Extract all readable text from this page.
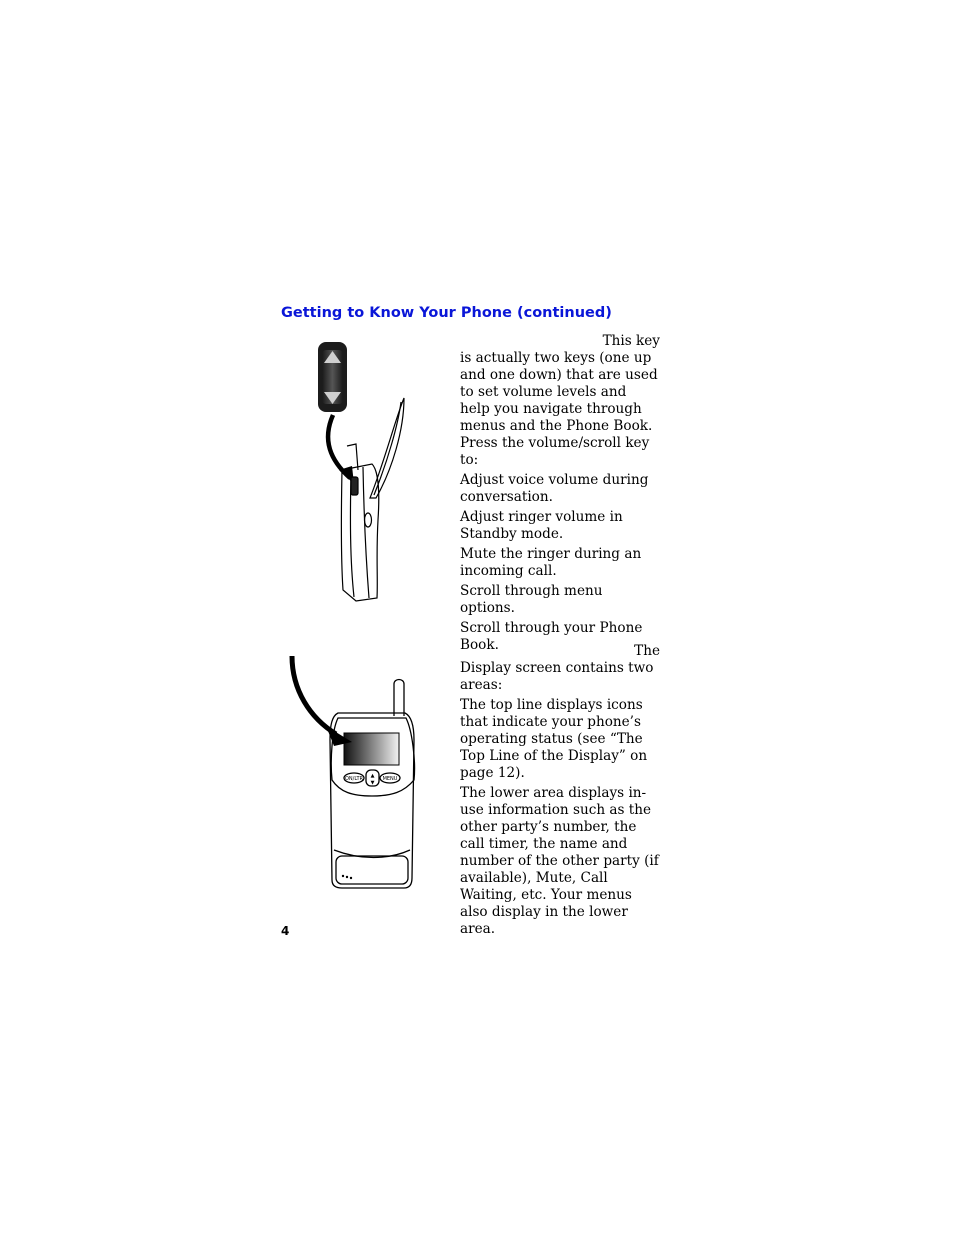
Getting to Know Your Phone (continued)
ON/LTR	MENU
▲
▼

This key

is actually two keys (one up and one down) that are used to set volume levels and help you navigate through menus and the Phone Book. Press the volume/scroll key to:

Adjust voice volume during conversation.

Adjust ringer volume in Standby mode.

Mute the ringer during an incoming call.

Scroll through menu options.

Scroll through your Phone Book.	The

Display screen contains two areas:

The top line displays icons that indicate your phone’s operating status (see “The Top Line of the Display” on page 12).

The lower area displays in-use information such as the other party’s number, the call timer, the name and number of the other party (if available), Mute, Call Waiting, etc. Your menus also display in the lower area.

4
